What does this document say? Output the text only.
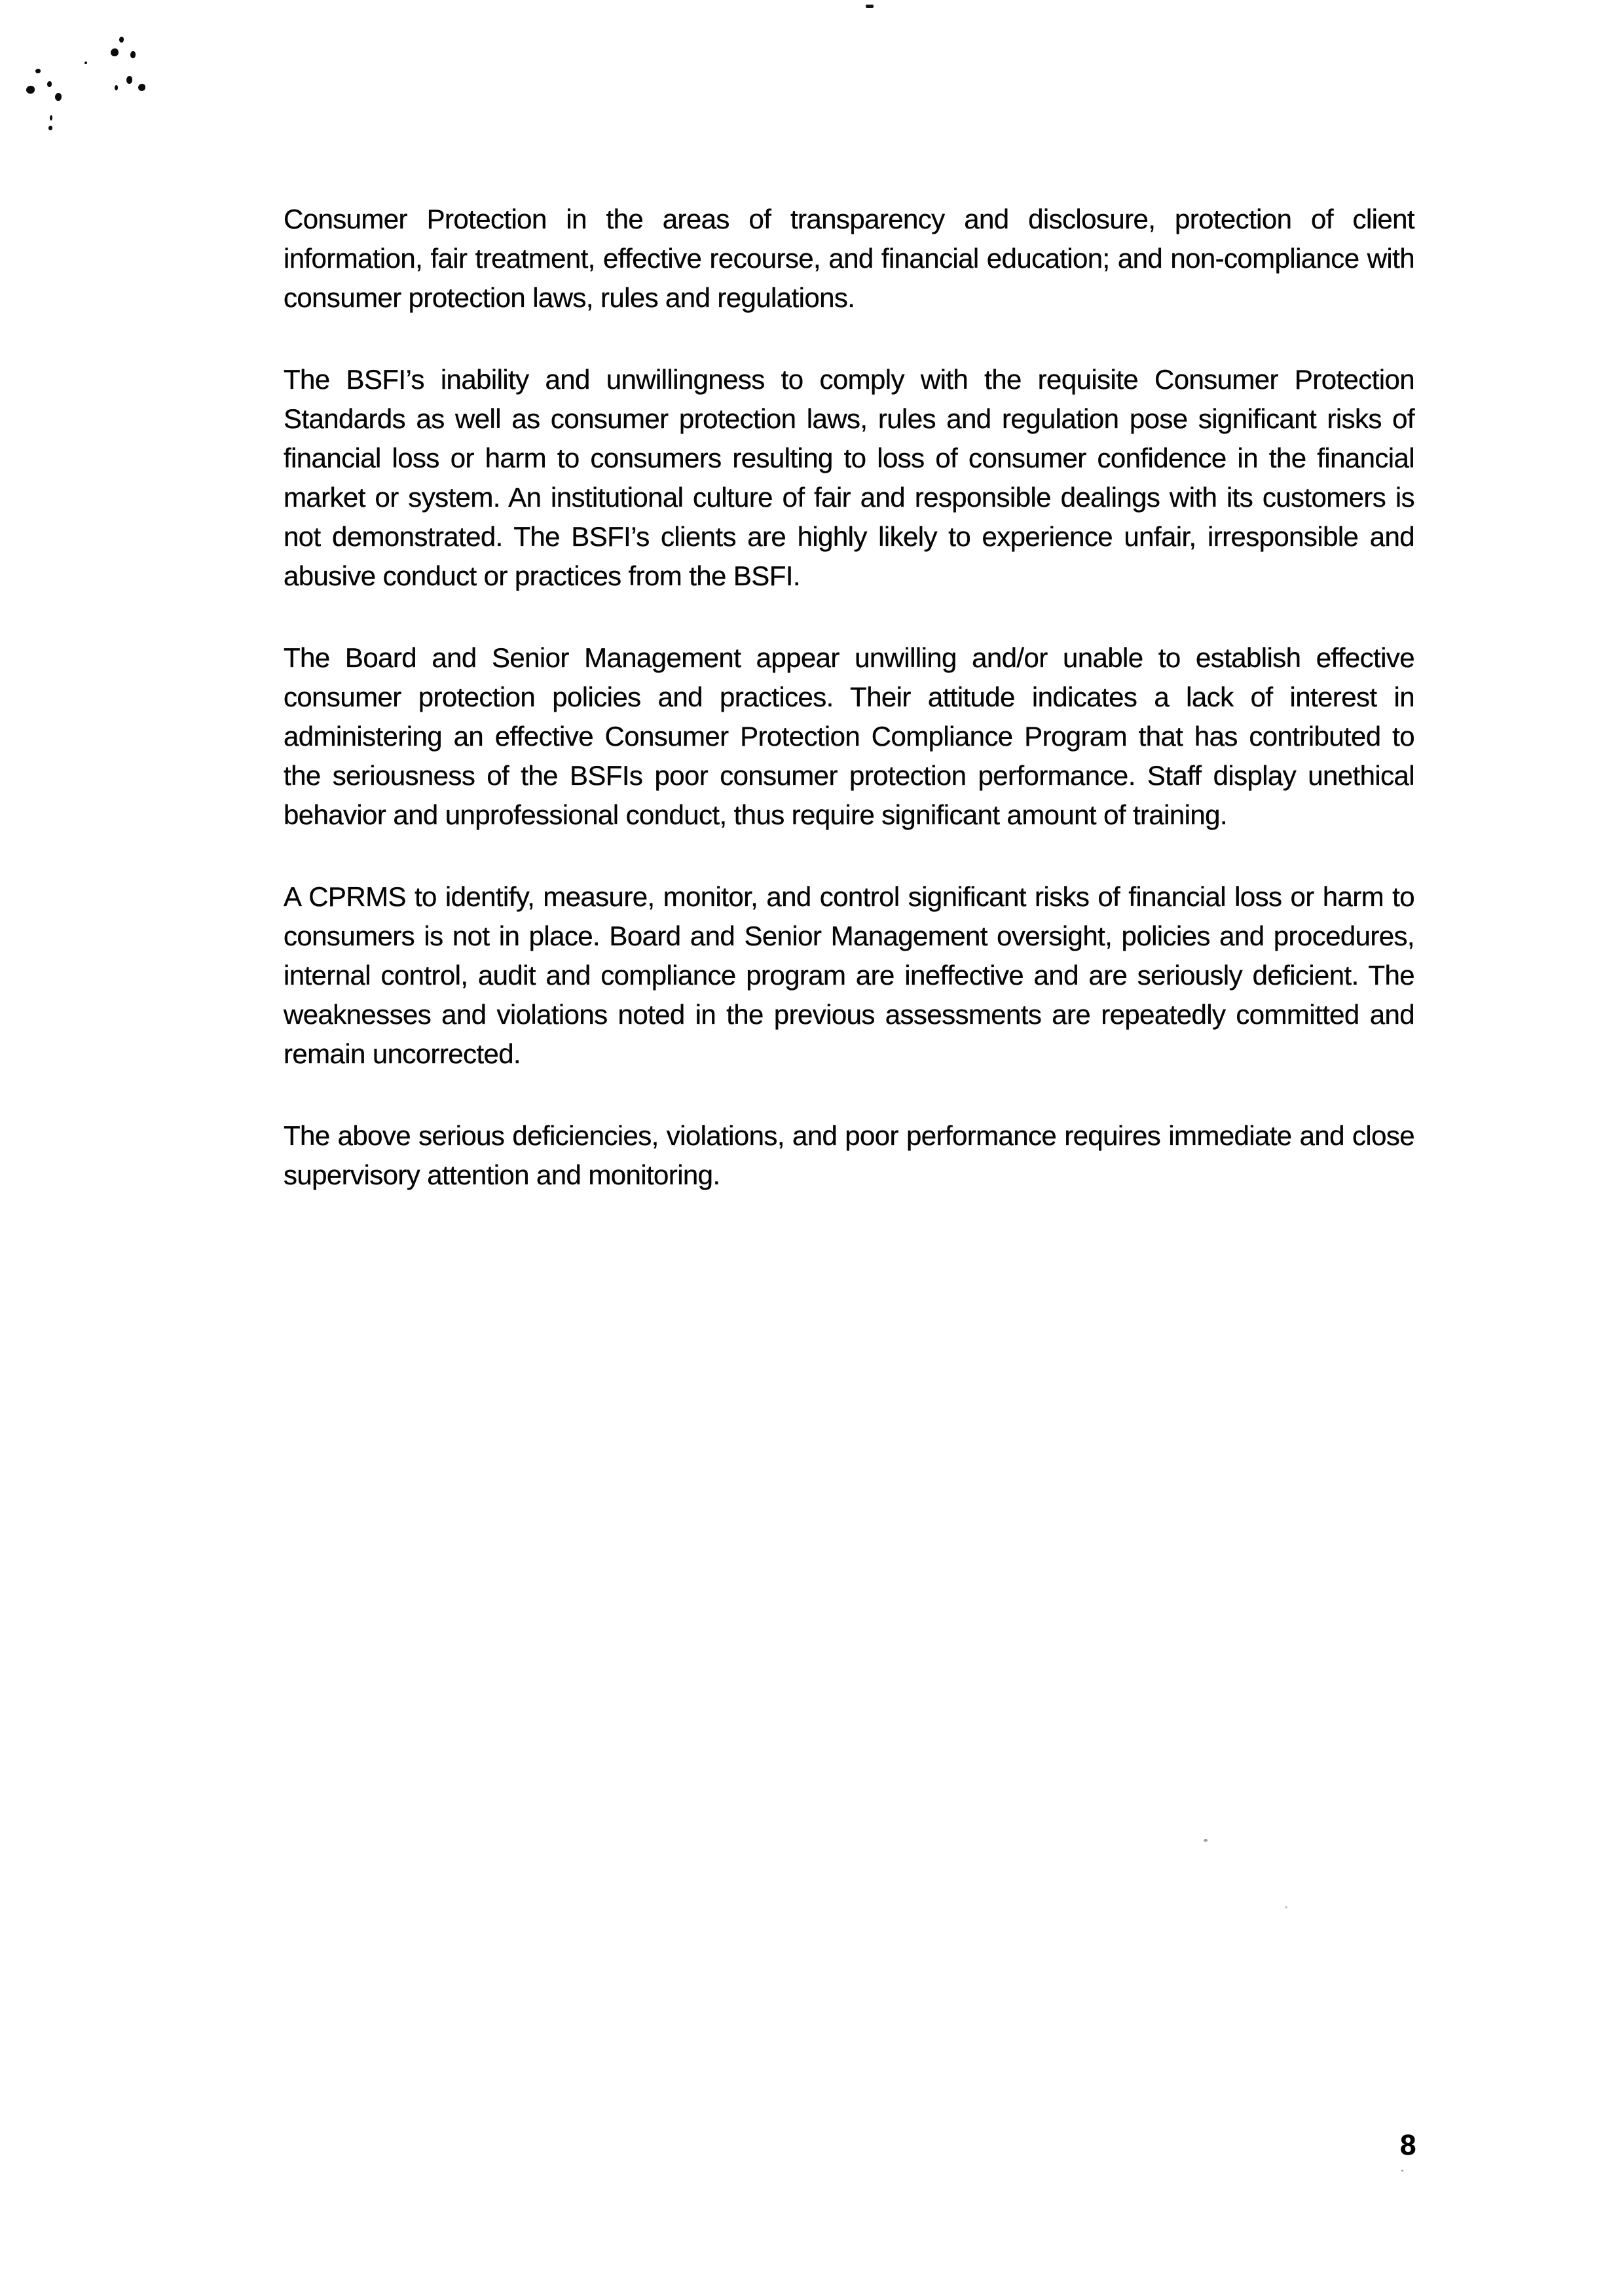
Consumer Protection in the areas of transparency and disclosure, protection of client information, fair treatment, effective recourse, and financial education; and non-compliance with consumer protection laws, rules and regulations.

The BSFI’s inability and unwillingness to comply with the requisite Consumer Protection Standards as well as consumer protection laws, rules and regulation pose significant risks of financial loss or harm to consumers resulting to loss of consumer confidence in the financial market or system. An institutional culture of fair and responsible dealings with its customers is not demonstrated. The BSFI’s clients are highly likely to experience unfair, irresponsible and abusive conduct or practices from the BSFI.

The Board and Senior Management appear unwilling and/or unable to establish effective consumer protection policies and practices. Their attitude indicates a lack of interest in administering an effective Consumer Protection Compliance Program that has contributed to the seriousness of the BSFIs poor consumer protection performance. Staff display unethical behavior and unprofessional conduct, thus require significant amount of training.

A CPRMS to identify, measure, monitor, and control significant risks of financial loss or harm to consumers is not in place. Board and Senior Management oversight, policies and procedures, internal control, audit and compliance program are ineffective and are seriously deficient. The weaknesses and violations noted in the previous assessments are repeatedly committed and remain uncorrected.

The above serious deficiencies, violations, and poor performance requires immediate and close supervisory attention and monitoring.

8
